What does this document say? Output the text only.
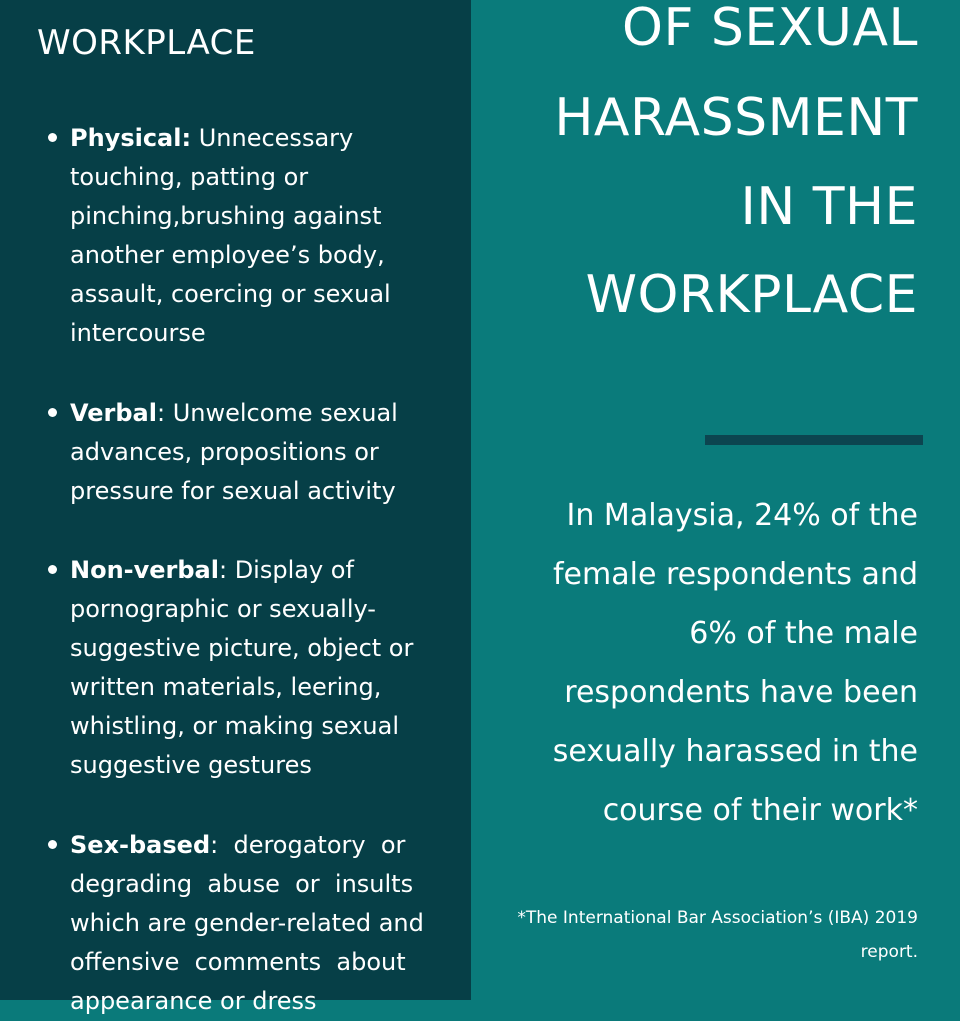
WORKPLACE
Physical: Unnecessary
touching, patting or
pinching,brushing against
another employee’s body,
assault, coercing or sexual
intercourse
Verbal: Unwelcome sexual
advances, propositions or
pressure for sexual activity
Non-verbal: Display of
pornographic or sexually-
suggestive picture, object or
written materials, leering,
whistling, or making sexual
suggestive gestures
Sex-based:  derogatory  or
degrading  abuse  or  insults
which are gender-related and
offensive  comments  about
appearance or dress
OF SEXUAL
HARASSMENT
IN THE
WORKPLACE
In Malaysia, 24% of the
female respondents and
6% of the male
respondents have been
sexually harassed in the
course of their work*
*The International Bar Association’s (IBA) 2019
report.
